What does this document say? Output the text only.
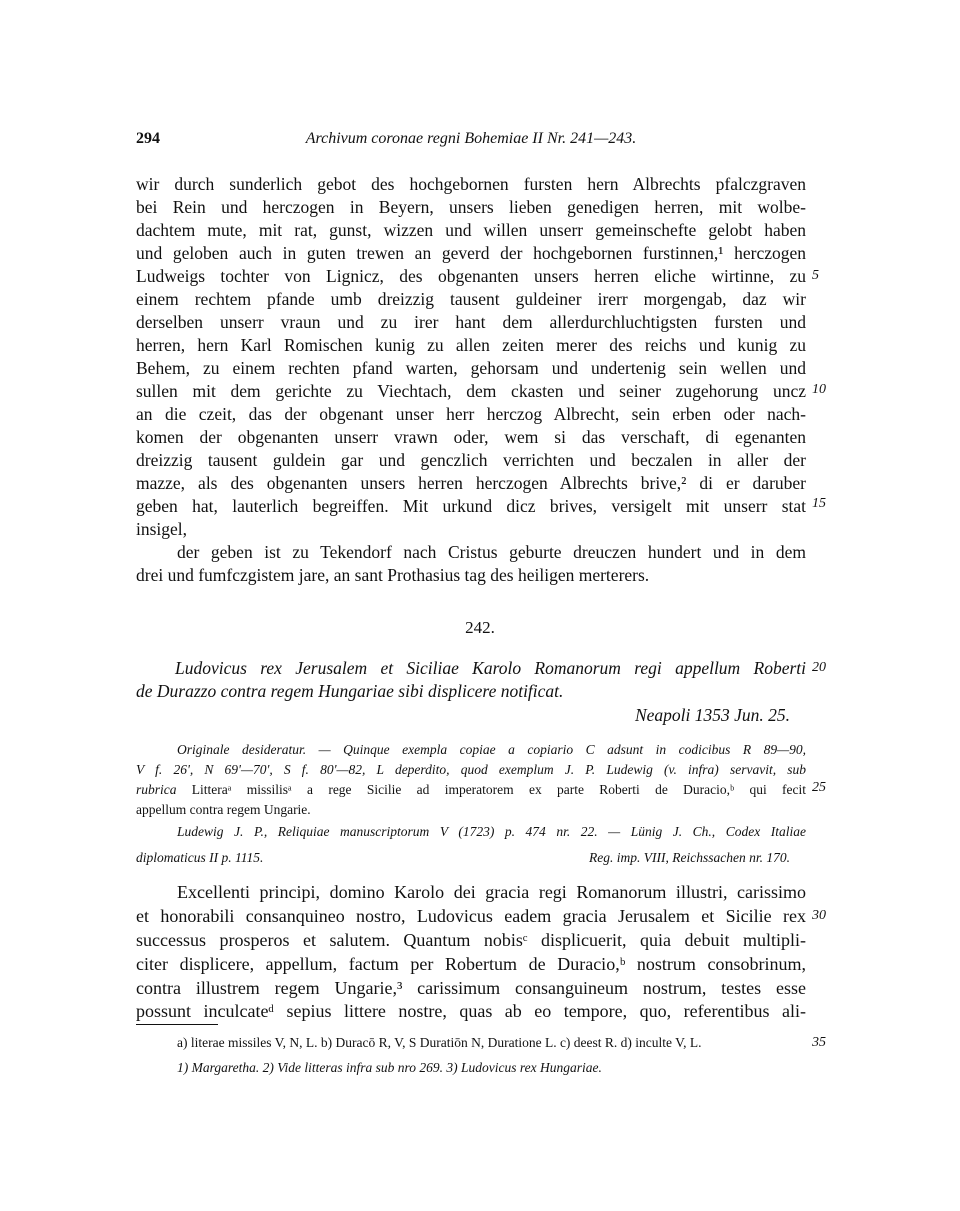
294	Archivum coronae regni Bohemiae II Nr. 241—243.
wir durch sunderlich gebot des hochgebornen fursten hern Albrechts pfalczgraven
bei Rein und herczogen in Beyern, unsers lieben genedigen herren, mit wolbe-
dachtem mute, mit rat, gunst, wizzen und willen unserr gemeinschefte gelobt haben
und geloben auch in guten trewen an geverd der hochgebornen furstinnen,¹ herczogen
Ludweigs tochter von Lignicz, des obgenanten unsers herren eliche wirtinne, zu
einem rechtem pfande umb dreizzig tausent guldeiner irerr morgengab, daz wir
derselben unserr vraun und zu irer hant dem allerdurchluchtigsten fursten und
herren, hern Karl Romischen kunig zu allen zeiten merer des reichs und kunig zu
Behem, zu einem rechten pfand warten, gehorsam und undertenig sein wellen und
sullen mit dem gerichte zu Viechtach, dem ckasten und seiner zugehorung uncz
an die czeit, das der obgenant unser herr herczog Albrecht, sein erben oder nach-
komen der obgenanten unserr vrawn oder, wem si das verschaft, di egenanten
dreizzig tausent guldein gar und genczlich verrichten und beczalen in aller der
mazze, als des obgenanten unsers herren herczogen Albrechts brive,² di er daruber
geben hat, lauterlich begreiffen. Mit urkund dicz brives, versigelt mit unserr stat
insigel,
der geben ist zu Tekendorf nach Cristus geburte dreuczen hundert und in dem
drei und fumfczgistem jare, an sant Prothasius tag des heiligen merterers.
5
10
15
242.
Ludovicus rex Jerusalem et Siciliae Karolo Romanorum regi appellum Roberti
de Durazzo contra regem Hungariae sibi displicere notificat.
Neapoli 1353 Jun. 25.
20
Originale desideratur. — Quinque exempla copiae a copiario C adsunt in codicibus R 89—90,
V f. 26', N 69'—70', S f. 80'—82, L deperdito, quod exemplum J. P. Ludewig (v. infra) servavit, sub
rubrica Litteraᵃ missilisᵃ a rege Sicilie ad imperatorem ex parte Roberti de Duracio,ᵇ qui fecit
appellum contra regem Ungarie.
Ludewig J. P., Reliquiae manuscriptorum V (1723) p. 474 nr. 22. — Lünig J. Ch., Codex Italiae
diplomaticus II p. 1115.	Reg. imp. VIII, Reichssachen nr. 170.
25
Excellenti principi, domino Karolo dei gracia regi Romanorum illustri, carissimo
et honorabili consanquineo nostro, Ludovicus eadem gracia Jerusalem et Sicilie rex
successus prosperos et salutem. Quantum nobisᶜ displicuerit, quia debuit multipli-
citer displicere, appellum, factum per Robertum de Duracio,ᵇ nostrum consobrinum,
contra illustrem regem Ungarie,³ carissimum consanguineum nostrum, testes esse
possunt inculcateᵈ sepius littere nostre, quas ab eo tempore, quo, referentibus ali-
30
a) literae missiles V, N, L. b) Duracō R, V, S Duratiōn N, Duratione L. c) deest R. d) inculte V, L.
1) Margaretha. 2) Vide litteras infra sub nro 269. 3) Ludovicus rex Hungariae.
35
